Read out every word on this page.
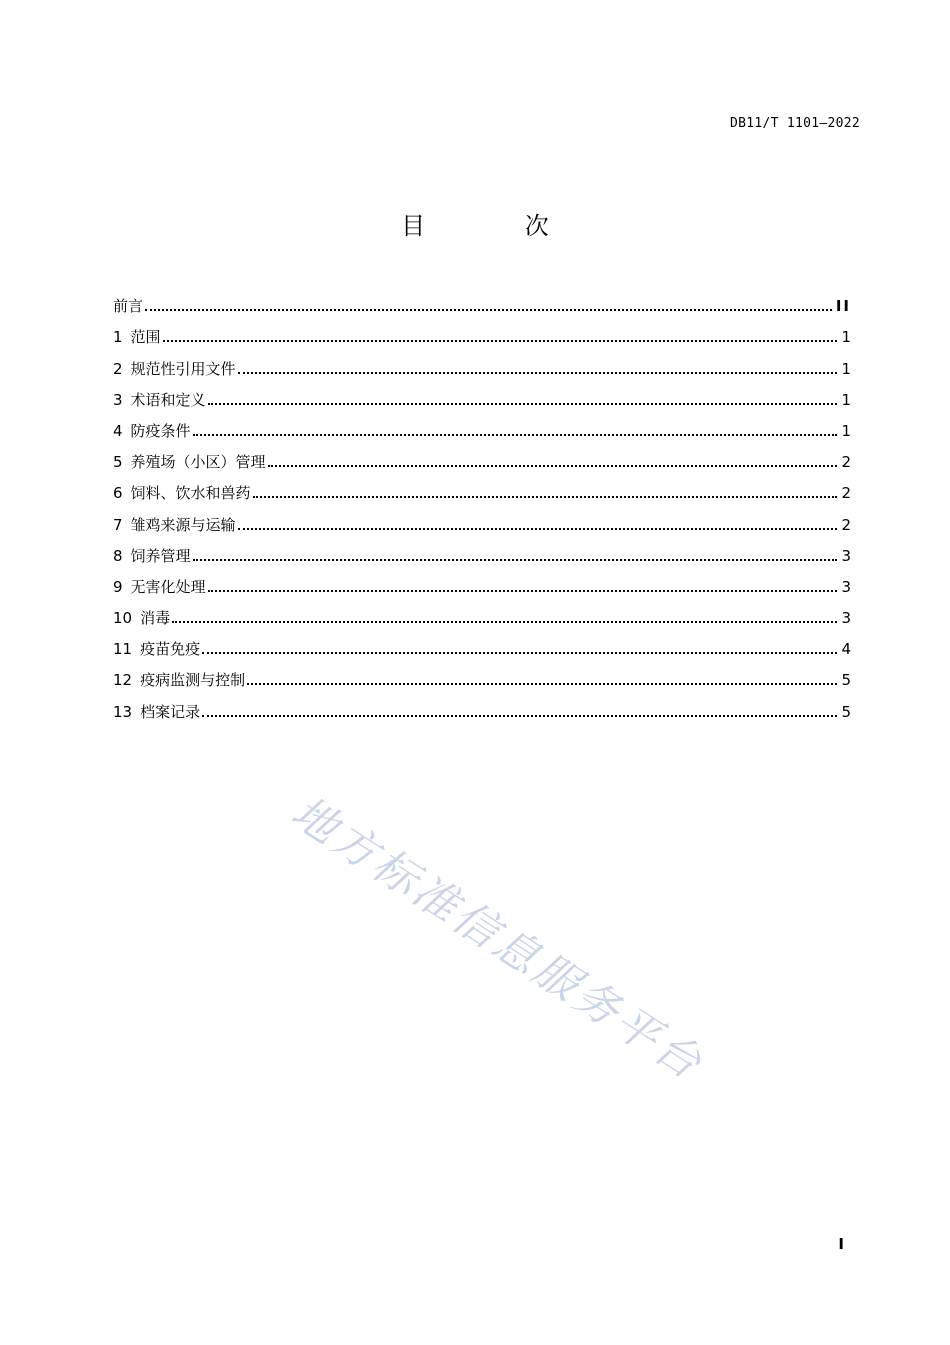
DB11/T 1101—2022
目 次
前言	II
1 范围	1
2 规范性引用文件	1
3 术语和定义	1
4 防疫条件	1
5 养殖场（小区）管理	2
6 饲料、饮水和兽药	2
7 雏鸡来源与运输	2
8 饲养管理	3
9 无害化处理	3
10 消毒	3
11 疫苗免疫	4
12 疫病监测与控制	5
13 档案记录	5
地方标准信息服务平台
I
